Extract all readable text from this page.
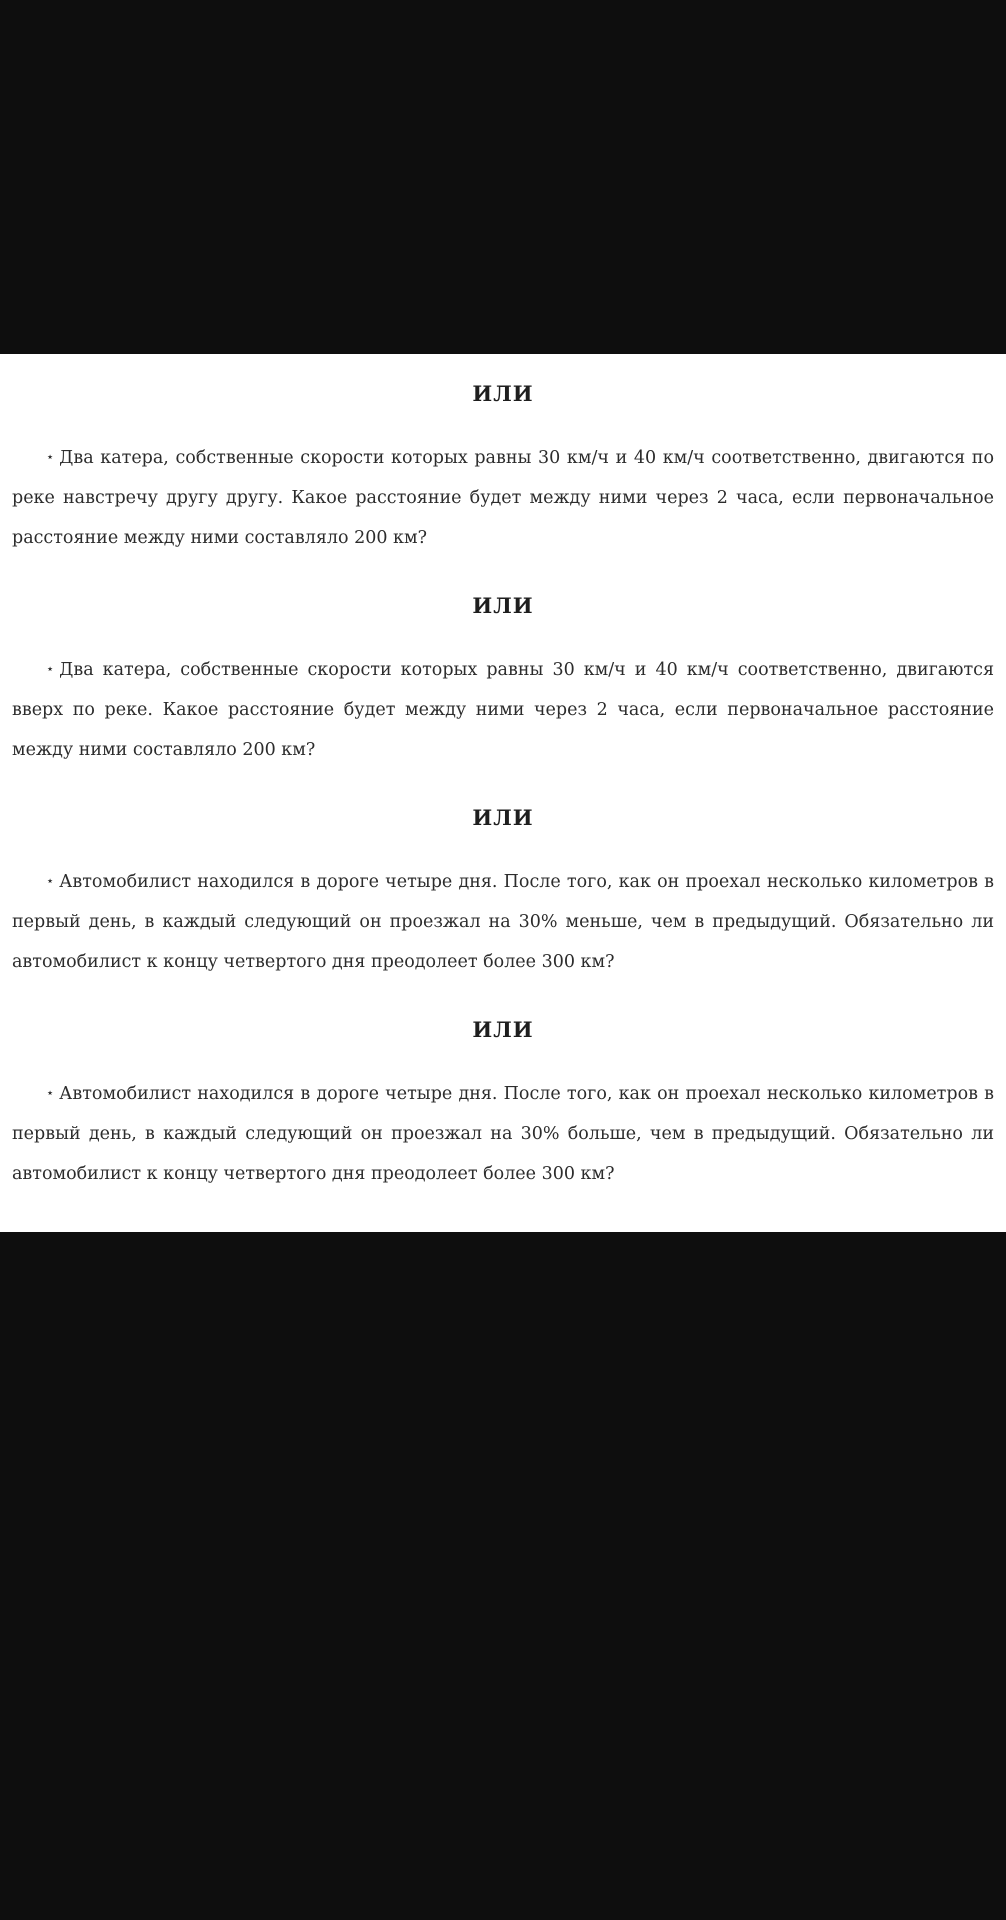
ИЛИ

⋆ Два катера, собственные скорости которых равны 30 км/ч и 40 км/ч соответственно, двигаются по реке навстречу другу другу. Какое расстояние будет между ними через 2 часа, если первоначальное расстояние между ними составляло 200 км?

ИЛИ

⋆ Два катера, собственные скорости которых равны 30 км/ч и 40 км/ч соответственно, двигаются вверх по реке. Какое расстояние будет между ними через 2 часа, если первоначальное расстояние между ними составляло 200 км?

ИЛИ

⋆ Автомобилист находился в дороге четыре дня. После того, как он проехал несколько километров в первый день, в каждый следующий он проезжал на 30% меньше, чем в предыдущий. Обязательно ли автомобилист к концу четвертого дня преодолеет более 300 км?

ИЛИ

⋆ Автомобилист находился в дороге четыре дня. После того, как он проехал несколько километров в первый день, в каждый следующий он проезжал на 30% больше, чем в предыдущий. Обязательно ли автомобилист к концу четвертого дня преодолеет более 300 км?
